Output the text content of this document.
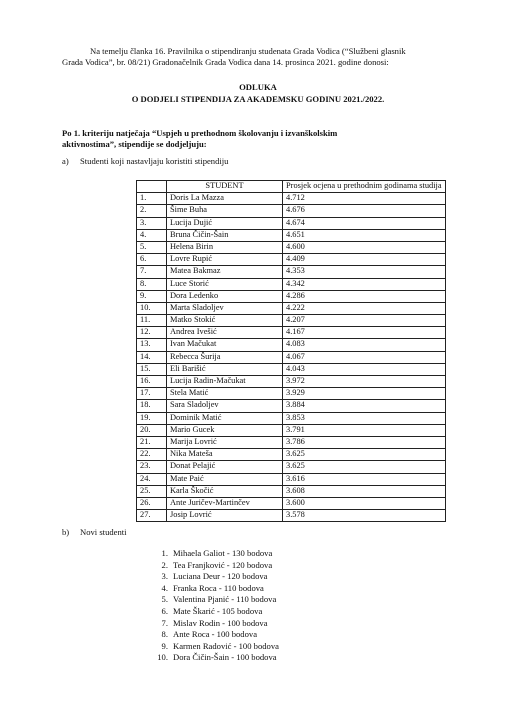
Na temelju članka 16. Pravilnika o stipendiranju studenata Grada Vodica (“Službeni glasnik
Grada Vodica”, br. 08/21) Gradonačelnik Grada Vodica dana 14. prosinca 2021. godine donosi:
ODLUKA
O DODJELI STIPENDIJA ZA AKADEMSKU GODINU 2021./2022.
Po 1. kriteriju natječaja “Uspjeh u prethodnom školovanju i izvanškolskim
aktivnostima”, stipendije se dodjeljuju:
a) Studenti koji nastavljaju koristiti stipendiju
	STUDENT	Prosjek ocjena u prethodnim godinama studija
1.	Doris La Mazza	4.712
2.	Šime Buha	4.676
3.	Lucija Dujić	4.674
4.	Bruna Čičin-Šain	4.651
5.	Helena Birin	4.600
6.	Lovre Rupić	4.409
7.	Matea Bakmaz	4.353
8.	Luce Storić	4.342
9.	Dora Ledenko	4.286
10.	Marta Sladoljev	4.222
11.	Matko Stokić	4.207
12.	Andrea Ivešić	4.167
13.	Ivan Mačukat	4.083
14.	Rebecca Šurija	4.067
15.	Eli Barišić	4.043
16.	Lucija Radin-Mačukat	3.972
17.	Stela Matić	3.929
18.	Sara Sladoljev	3.884
19.	Dominik Matić	3.853
20.	Mario Gucek	3.791
21.	Marija Lovrić	3.786
22.	Nika Mateša	3.625
23.	Donat Pelajić	3.625
24.	Mate Paić	3.616
25.	Karla Škočić	3.608
26.	Ante Juričev-Martinčev	3.600
27.	Josip Lovrić	3.578
b) Novi studenti
1. Mihaela Galiot - 130 bodova
2. Tea Franjković - 120 bodova
3. Luciana Deur - 120 bodova
4. Franka Roca - 110 bodova
5. Valentina Pjanić - 110 bodova
6. Mate Škarić - 105 bodova
7. Mislav Rodin - 100 bodova
8. Ante Roca - 100 bodova
9. Karmen Radović - 100 bodova
10. Dora Čičin-Šain - 100 bodova
